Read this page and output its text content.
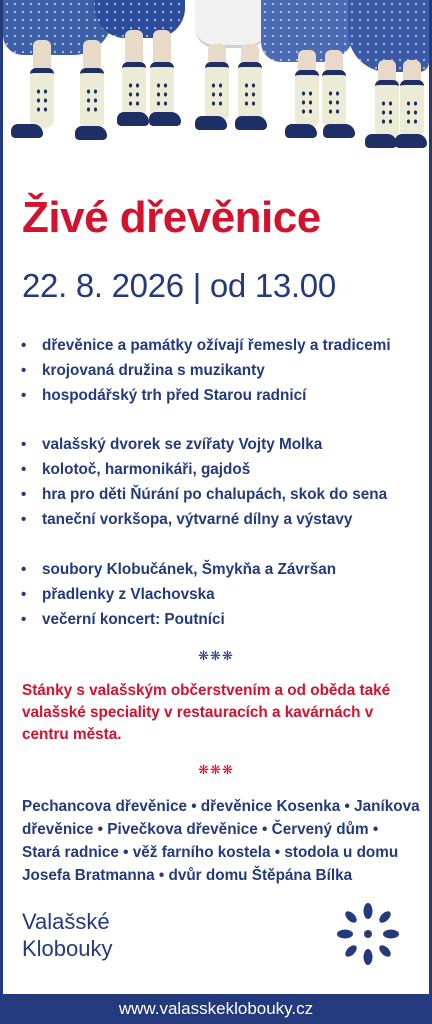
Živé dřevěnice
22. 8. 2026 | od 13.00
• dřevěnice a památky ožívají řemesly a tradicemi
• krojovaná družina s muzikanty
• hospodářský trh před Starou radnicí
• valašský dvorek se zvířaty Vojty Molka
• kolotoč, harmonikáři, gajdoš
• hra pro děti Ňúrání po chalupách, skok do sena
• taneční vorkšopa, výtvarné dílny a výstavy
• soubory Klobučánek, Šmykňa a Závršan
• přadlenky z Vlachovska
• večerní koncert: Poutníci
❋❋❋

Stánky s valašským občerstvením a od oběda také valašské speciality v restauracích a kavárnách v centru města.

❋❋❋

Pechancova dřevěnice • dřevěnice Kosenka • Janíkova dřevěnice • Pivečkova dřevěnice • Červený dům • Stará radnice • věž farního kostela • stodola u domu Josefa Bratmanna • dvůr domu Štěpána Bílka

Valašské
Klobouky
www.valasskeklobouky.cz
